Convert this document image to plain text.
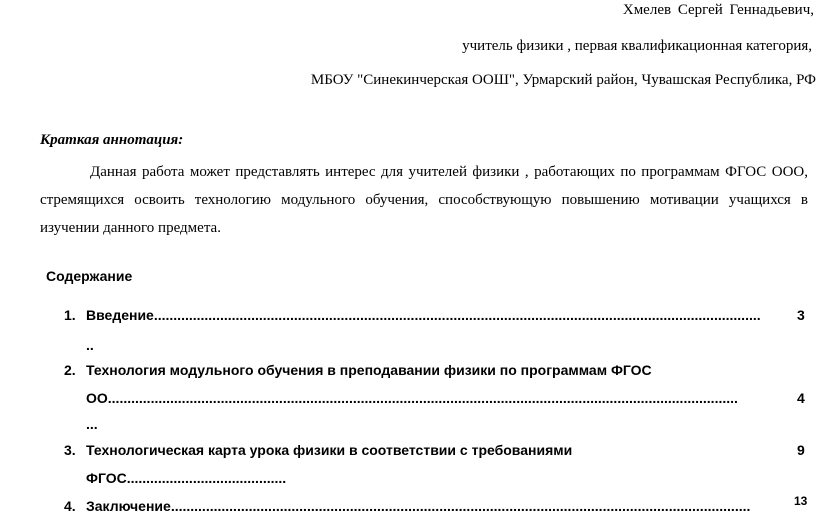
Хмелев Сергей Геннадьевич,
учитель физики , первая квалификационная категория,
МБОУ "Синекинчерская ООШ", Урмарский район, Чувашская Республика, РФ
Краткая аннотация:
Данная работа может представлять интерес для учителей физики , работающих по программам ФГОС ООО, стремящихся освоить технологию модульного обучения, способствующую повышению мотивации учащихся в изучении данного предмета.
Содержание
1. Введение............................................................................................................................................................
..
3
2. Технология модульного обучения в преподавании физики по программам ФГОС
ОО..................................................................................................................................................................
...
4
3. Технологическая карта урока физики в соответствии с требованиями
ФГОС.........................................
9
4. Заключение.....................................................................................................................................................	13
